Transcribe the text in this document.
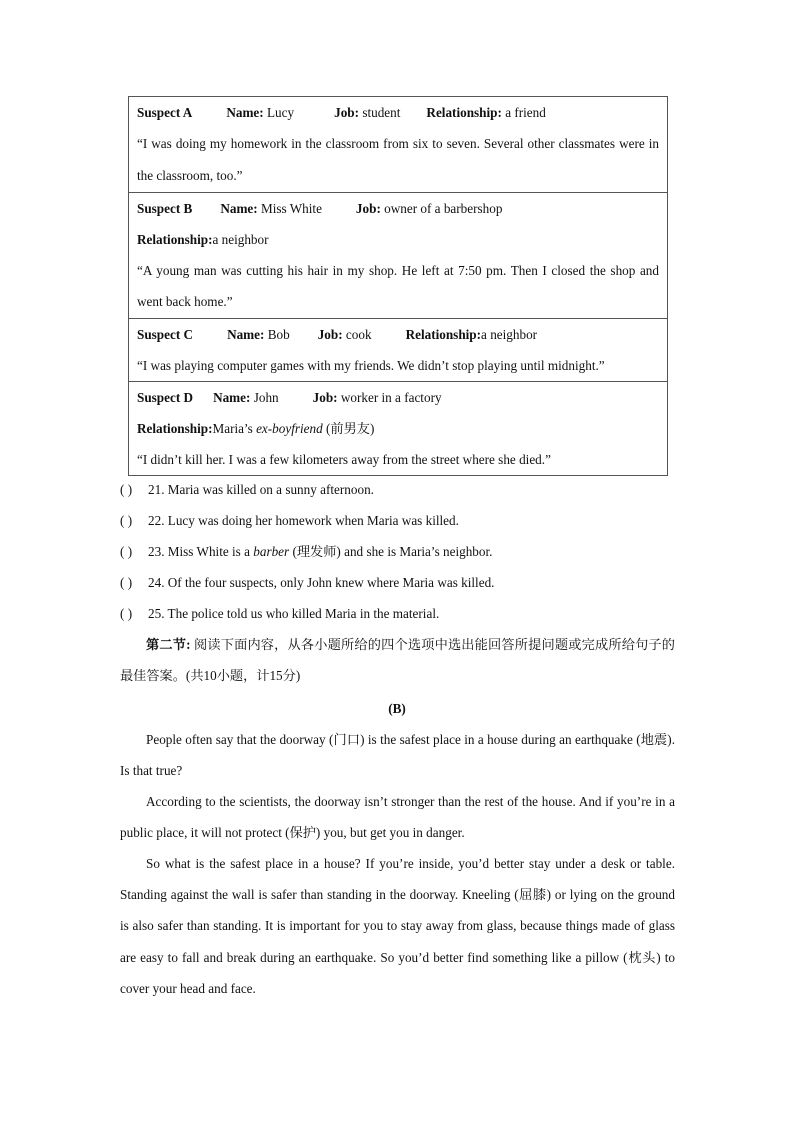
Suspect A	Name: Lucy	Job: student Relationship: a friend
“I was doing my homework in the classroom from six to seven. Several other classmates were in the classroom, too.”
Suspect B Name: Miss White	Job: owner of a barbershop
Relationship:a neighbor
“A young man was cutting his hair in my shop. He left at 7:50 pm. Then I closed the shop and went back home.”
Suspect C	Name: Bob Job: cook	Relationship:a neighbor
“I was playing computer games with my friends. We didn’t stop playing until midnight.”
Suspect D Name: John	Job: worker in a factory
Relationship:Maria’s ex-boyfriend (前男友)
“I didn’t kill her. I was a few kilometers away from the street where she died.”
( ) 21. Maria was killed on a sunny afternoon.
( ) 22. Lucy was doing her homework when Maria was killed.
( ) 23. Miss White is a barber (理发师) and she is Maria’s neighbor.
( ) 24. Of the four suspects, only John knew where Maria was killed.
( ) 25. The police told us who killed Maria in the material.
第二节: 阅读下面内容，从各小题所给的四个选项中选出能回答所提问题或完成所给句子的最佳答案。(共10小题，计15分)
(B)
People often say that the doorway (门口) is the safest place in a house during an earthquake (地震). Is that true?
According to the scientists, the doorway isn’t stronger than the rest of the house. And if you’re in a public place, it will not protect (保护) you, but get you in danger.
So what is the safest place in a house? If you’re inside, you’d better stay under a desk or table. Standing against the wall is safer than standing in the doorway. Kneeling (屈膝) or lying on the ground is also safer than standing. It is important for you to stay away from glass, because things made of glass are easy to fall and break during an earthquake. So you’d better find something like a pillow (枕头) to cover your head and face.
